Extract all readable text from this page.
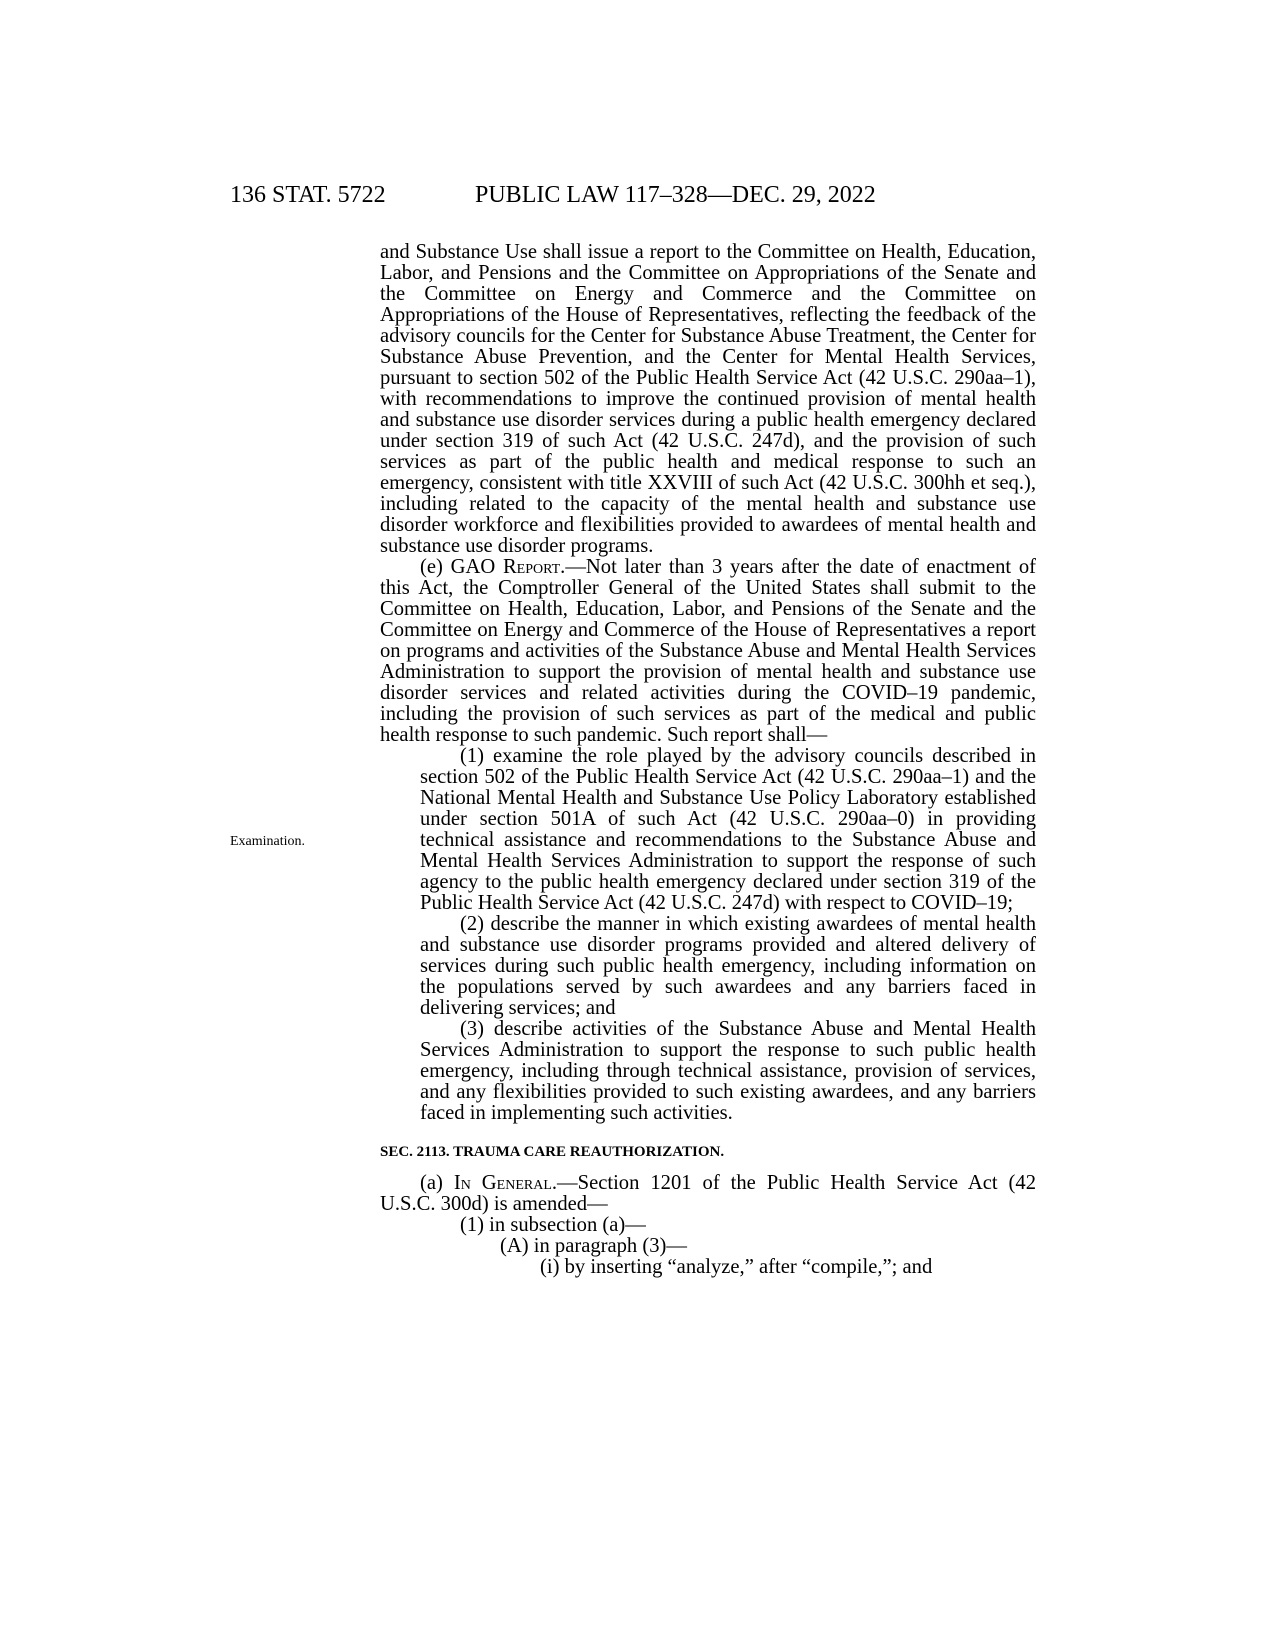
136 STAT. 5722	PUBLIC LAW 117–328—DEC. 29, 2022
Examination.

and Substance Use shall issue a report to the Committee on Health, Education, Labor, and Pensions and the Committee on Appropriations of the Senate and the Committee on Energy and Commerce and the Committee on Appropriations of the House of Representatives, reflecting the feedback of the advisory councils for the Center for Substance Abuse Treatment, the Center for Substance Abuse Prevention, and the Center for Mental Health Services, pursuant to section 502 of the Public Health Service Act (42 U.S.C. 290aa–1), with recommendations to improve the continued provision of mental health and substance use disorder services during a public health emergency declared under section 319 of such Act (42 U.S.C. 247d), and the provision of such services as part of the public health and medical response to such an emergency, consistent with title XXVIII of such Act (42 U.S.C. 300hh et seq.), including related to the capacity of the mental health and substance use disorder workforce and flexibilities provided to awardees of mental health and substance use disorder programs.

(e) GAO Report.—Not later than 3 years after the date of enactment of this Act, the Comptroller General of the United States shall submit to the Committee on Health, Education, Labor, and Pensions of the Senate and the Committee on Energy and Commerce of the House of Representatives a report on programs and activities of the Substance Abuse and Mental Health Services Administration to support the provision of mental health and substance use disorder services and related activities during the COVID–19 pandemic, including the provision of such services as part of the medical and public health response to such pandemic. Such report shall—

(1) examine the role played by the advisory councils described in section 502 of the Public Health Service Act (42 U.S.C. 290aa–1) and the National Mental Health and Substance Use Policy Laboratory established under section 501A of such Act (42 U.S.C. 290aa–0) in providing technical assistance and recommendations to the Substance Abuse and Mental Health Services Administration to support the response of such agency to the public health emergency declared under section 319 of the Public Health Service Act (42 U.S.C. 247d) with respect to COVID–19;

(2) describe the manner in which existing awardees of mental health and substance use disorder programs provided and altered delivery of services during such public health emergency, including information on the populations served by such awardees and any barriers faced in delivering services; and

(3) describe activities of the Substance Abuse and Mental Health Services Administration to support the response to such public health emergency, including through technical assistance, provision of services, and any flexibilities provided to such existing awardees, and any barriers faced in implementing such activities.

SEC. 2113. TRAUMA CARE REAUTHORIZATION.

(a) In General.—Section 1201 of the Public Health Service Act (42 U.S.C. 300d) is amended—

(1) in subsection (a)—

(A) in paragraph (3)—

(i) by inserting “analyze,” after “compile,”; and
